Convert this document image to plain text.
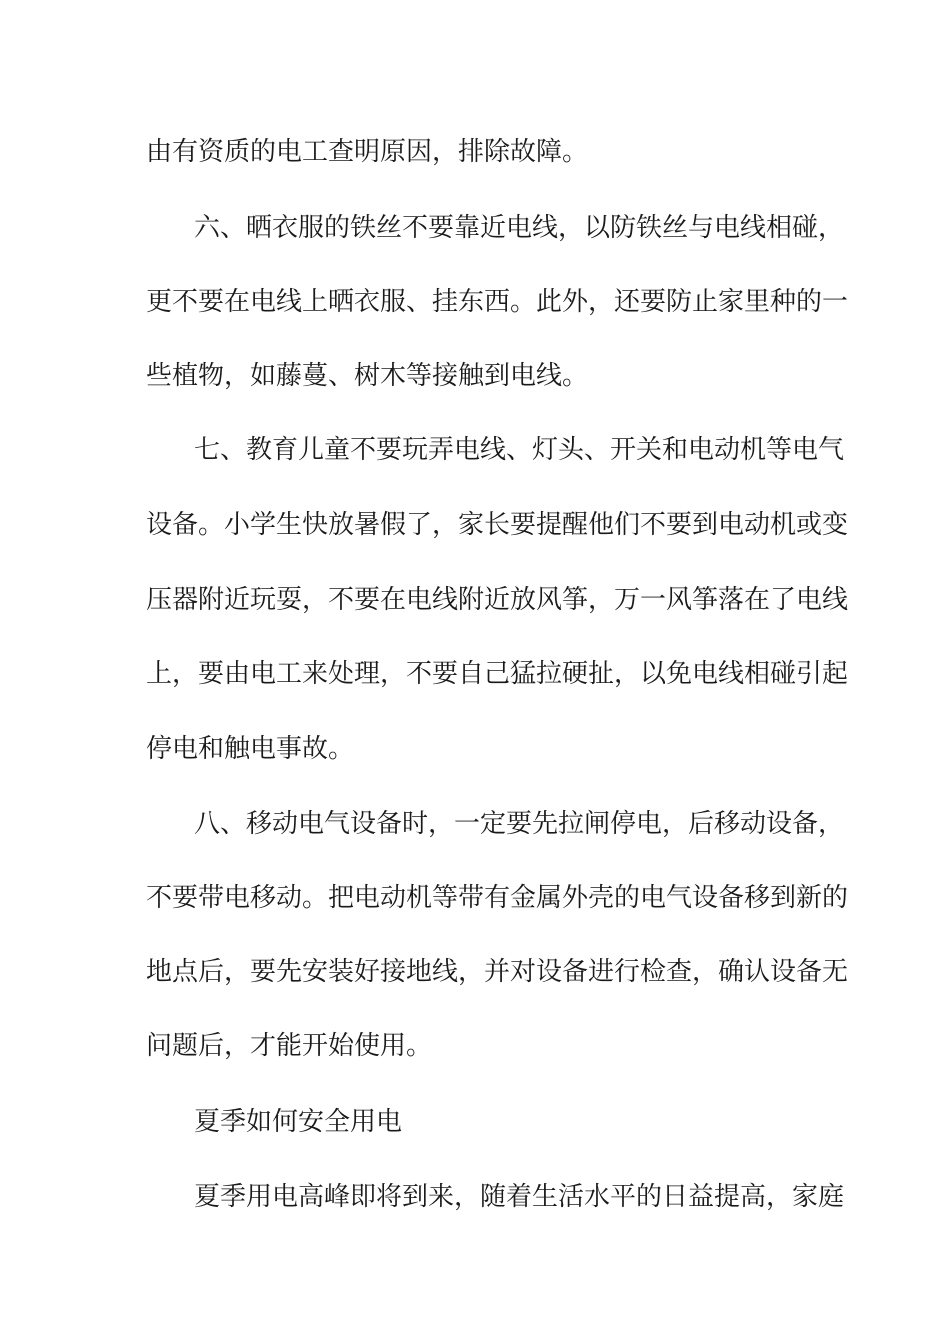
由有资质的电工查明原因，排除故障。
六、晒衣服的铁丝不要靠近电线，以防铁丝与电线相碰，
更不要在电线上晒衣服、挂东西。此外，还要防止家里种的一
些植物，如藤蔓、树木等接触到电线。
七、教育儿童不要玩弄电线、灯头、开关和电动机等电气
设备。小学生快放暑假了，家长要提醒他们不要到电动机或变
压器附近玩耍，不要在电线附近放风筝，万一风筝落在了电线
上，要由电工来处理，不要自己猛拉硬扯，以免电线相碰引起
停电和触电事故。
八、移动电气设备时，一定要先拉闸停电，后移动设备，
不要带电移动。把电动机等带有金属外壳的电气设备移到新的
地点后，要先安装好接地线，并对设备进行检查，确认设备无
问题后，才能开始使用。
夏季如何安全用电
夏季用电高峰即将到来，随着生活水平的日益提高，家庭
